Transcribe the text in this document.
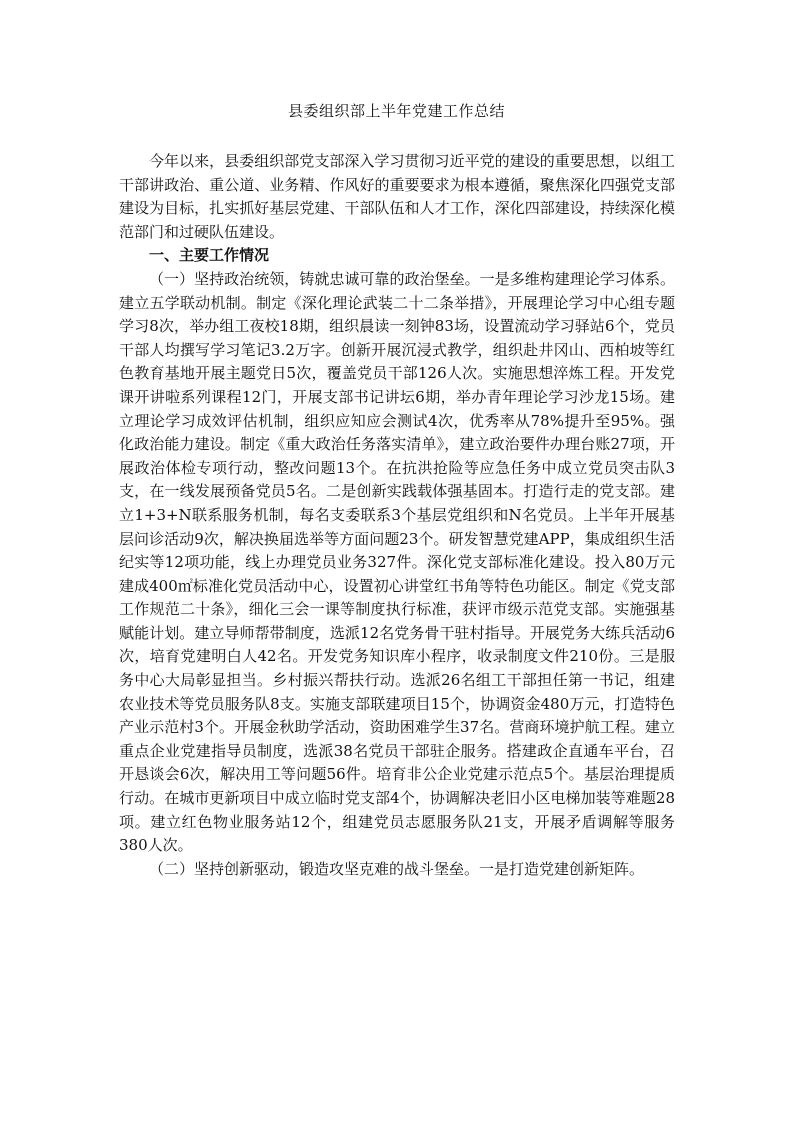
县委组织部上半年党建工作总结

今年以来，县委组织部党支部深入学习贯彻习近平党的建设的重要思想，以组工干部讲政治、重公道、业务精、作风好的重要要求为根本遵循，聚焦深化四强党支部建设为目标，扎实抓好基层党建、干部队伍和人才工作，深化四部建设，持续深化模范部门和过硬队伍建设。

一、主要工作情况

（一）坚持政治统领，铸就忠诚可靠的政治堡垒。一是多维构建理论学习体系。建立五学联动机制。制定《深化理论武装二十二条举措》，开展理论学习中心组专题学习8次，举办组工夜校18期，组织晨读一刻钟83场，设置流动学习驿站6个，党员干部人均撰写学习笔记3.2万字。创新开展沉浸式教学，组织赴井冈山、西柏坡等红色教育基地开展主题党日5次，覆盖党员干部126人次。实施思想淬炼工程。开发党课开讲啦系列课程12门，开展支部书记讲坛6期，举办青年理论学习沙龙15场。建立理论学习成效评估机制，组织应知应会测试4次，优秀率从78%提升至95%。强化政治能力建设。制定《重大政治任务落实清单》，建立政治要件办理台账27项，开展政治体检专项行动，整改问题13个。在抗洪抢险等应急任务中成立党员突击队3支，在一线发展预备党员5名。二是创新实践载体强基固本。打造行走的党支部。建立1+3+N联系服务机制，每名支委联系3个基层党组织和N名党员。上半年开展基层问诊活动9次，解决换届选举等方面问题23个。研发智慧党建APP，集成组织生活纪实等12项功能，线上办理党员业务327件。深化党支部标准化建设。投入80万元建成400㎡标准化党员活动中心，设置初心讲堂红书角等特色功能区。制定《党支部工作规范二十条》，细化三会一课等制度执行标准，获评市级示范党支部。实施强基赋能计划。建立导师帮带制度，选派12名党务骨干驻村指导。开展党务大练兵活动6次，培育党建明白人42名。开发党务知识库小程序，收录制度文件210份。三是服务中心大局彰显担当。乡村振兴帮扶行动。选派26名组工干部担任第一书记，组建农业技术等党员服务队8支。实施支部联建项目15个，协调资金480万元，打造特色产业示范村3个。开展金秋助学活动，资助困难学生37名。营商环境护航工程。建立重点企业党建指导员制度，选派38名党员干部驻企服务。搭建政企直通车平台，召开恳谈会6次，解决用工等问题56件。培育非公企业党建示范点5个。基层治理提质行动。在城市更新项目中成立临时党支部4个，协调解决老旧小区电梯加装等难题28项。建立红色物业服务站12个，组建党员志愿服务队21支，开展矛盾调解等服务380人次。

（二）坚持创新驱动，锻造攻坚克难的战斗堡垒。一是打造党建创新矩阵。
